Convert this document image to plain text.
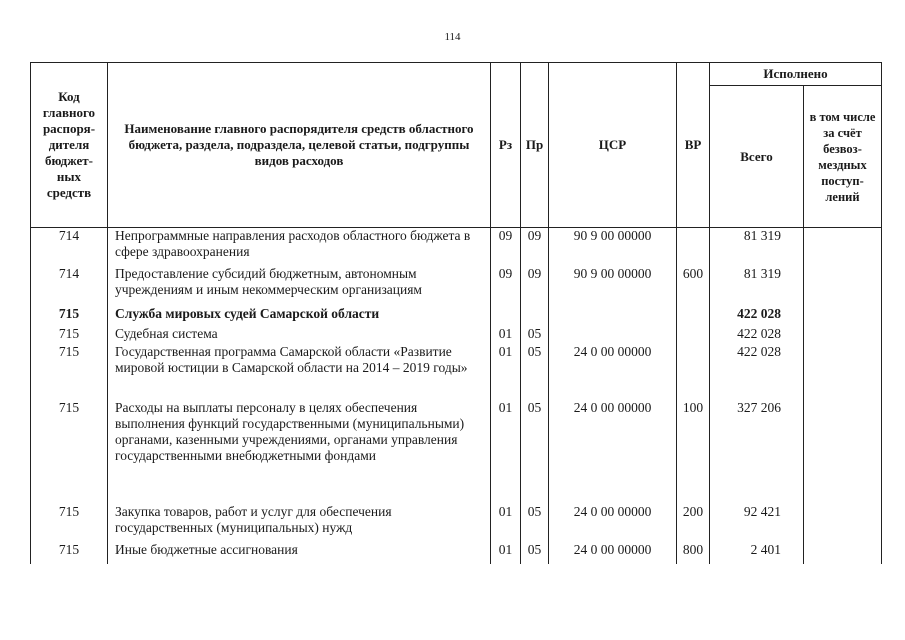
114
Код главного распоря-дителя бюджет-ных средств	Наименование главного распорядителя средств областного бюджета, раздела, подраздела, целевой статьи, подгруппы видов расходов	Рз	Пр	ЦСР	ВР	Исполнено	
						Всего	в том числе за счёт безвоз-мездных поступ-лений
714	Непрограммные направления расходов областного бюджета в сфере здравоохранения	09	09	90 9 00 00000		81 319	
714	Предоставление субсидий бюджетным, автономным учреждениям и иным некоммерческим организациям	09	09	90 9 00 00000	600	81 319	
715	Служба мировых судей Самарской области					422 028	
715	Судебная система	01	05			422 028	
715	Государственная программа Самарской области «Развитие мировой юстиции в Самарской области на 2014 – 2019 годы»	01	05	24 0 00 00000		422 028	
715	Расходы на выплаты персоналу в целях обеспечения выполнения функций государственными (муниципальными) органами, казенными учреждениями, органами управления государственными внебюджетными фондами	01	05	24 0 00 00000	100	327 206	
715	Закупка товаров, работ и услуг для обеспечения государственных (муниципальных) нужд	01	05	24 0 00 00000	200	92 421	
715	Иные бюджетные ассигнования	01	05	24 0 00 00000	800	2 401	
